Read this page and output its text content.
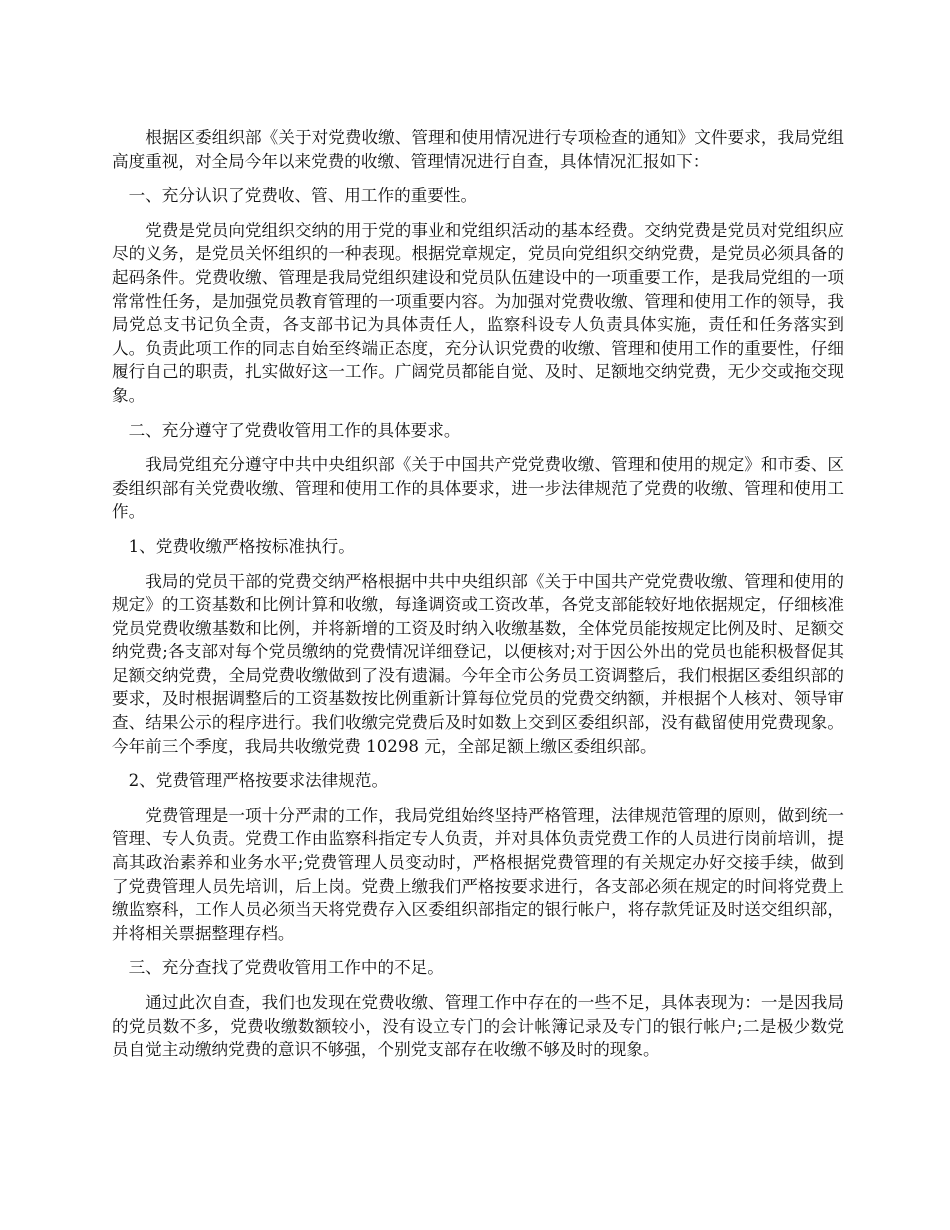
根据区委组织部《关于对党费收缴、管理和使用情况进行专项检查的通知》文件要求，我局党组高度重视，对全局今年以来党费的收缴、管理情况进行自查，具体情况汇报如下：

一、充分认识了党费收、管、用工作的重要性。

党费是党员向党组织交纳的用于党的事业和党组织活动的基本经费。交纳党费是党员对党组织应尽的义务，是党员关怀组织的一种表现。根据党章规定，党员向党组织交纳党费，是党员必须具备的起码条件。党费收缴、管理是我局党组织建设和党员队伍建设中的一项重要工作，是我局党组的一项常常性任务，是加强党员教育管理的一项重要内容。为加强对党费收缴、管理和使用工作的领导，我局党总支书记负全责，各支部书记为具体责任人，监察科设专人负责具体实施，责任和任务落实到人。负责此项工作的同志自始至终端正态度，充分认识党费的收缴、管理和使用工作的重要性，仔细履行自己的职责，扎实做好这一工作。广阔党员都能自觉、及时、足额地交纳党费，无少交或拖交现象。

二、充分遵守了党费收管用工作的具体要求。

我局党组充分遵守中共中央组织部《关于中国共产党党费收缴、管理和使用的规定》和市委、区委组织部有关党费收缴、管理和使用工作的具体要求，进一步法律规范了党费的收缴、管理和使用工作。

1、党费收缴严格按标准执行。

我局的党员干部的党费交纳严格根据中共中央组织部《关于中国共产党党费收缴、管理和使用的规定》的工资基数和比例计算和收缴，每逢调资或工资改革，各党支部能较好地依据规定，仔细核准党员党费收缴基数和比例，并将新增的工资及时纳入收缴基数，全体党员能按规定比例及时、足额交纳党费;各支部对每个党员缴纳的党费情况详细登记，以便核对;对于因公外出的党员也能积极督促其足额交纳党费，全局党费收缴做到了没有遗漏。今年全市公务员工资调整后，我们根据区委组织部的要求，及时根据调整后的工资基数按比例重新计算每位党员的党费交纳额，并根据个人核对、领导审查、结果公示的程序进行。我们收缴完党费后及时如数上交到区委组织部，没有截留使用党费现象。今年前三个季度，我局共收缴党费 10298 元，全部足额上缴区委组织部。

2、党费管理严格按要求法律规范。

党费管理是一项十分严肃的工作，我局党组始终坚持严格管理，法律规范管理的原则，做到统一管理、专人负责。党费工作由监察科指定专人负责，并对具体负责党费工作的人员进行岗前培训，提高其政治素养和业务水平;党费管理人员变动时，严格根据党费管理的有关规定办好交接手续，做到了党费管理人员先培训，后上岗。党费上缴我们严格按要求进行，各支部必须在规定的时间将党费上缴监察科，工作人员必须当天将党费存入区委组织部指定的银行帐户，将存款凭证及时送交组织部，并将相关票据整理存档。

三、充分查找了党费收管用工作中的不足。

通过此次自查，我们也发现在党费收缴、管理工作中存在的一些不足，具体表现为：一是因我局的党员数不多，党费收缴数额较小，没有设立专门的会计帐簿记录及专门的银行帐户;二是极少数党员自觉主动缴纳党费的意识不够强，个别党支部存在收缴不够及时的现象。
